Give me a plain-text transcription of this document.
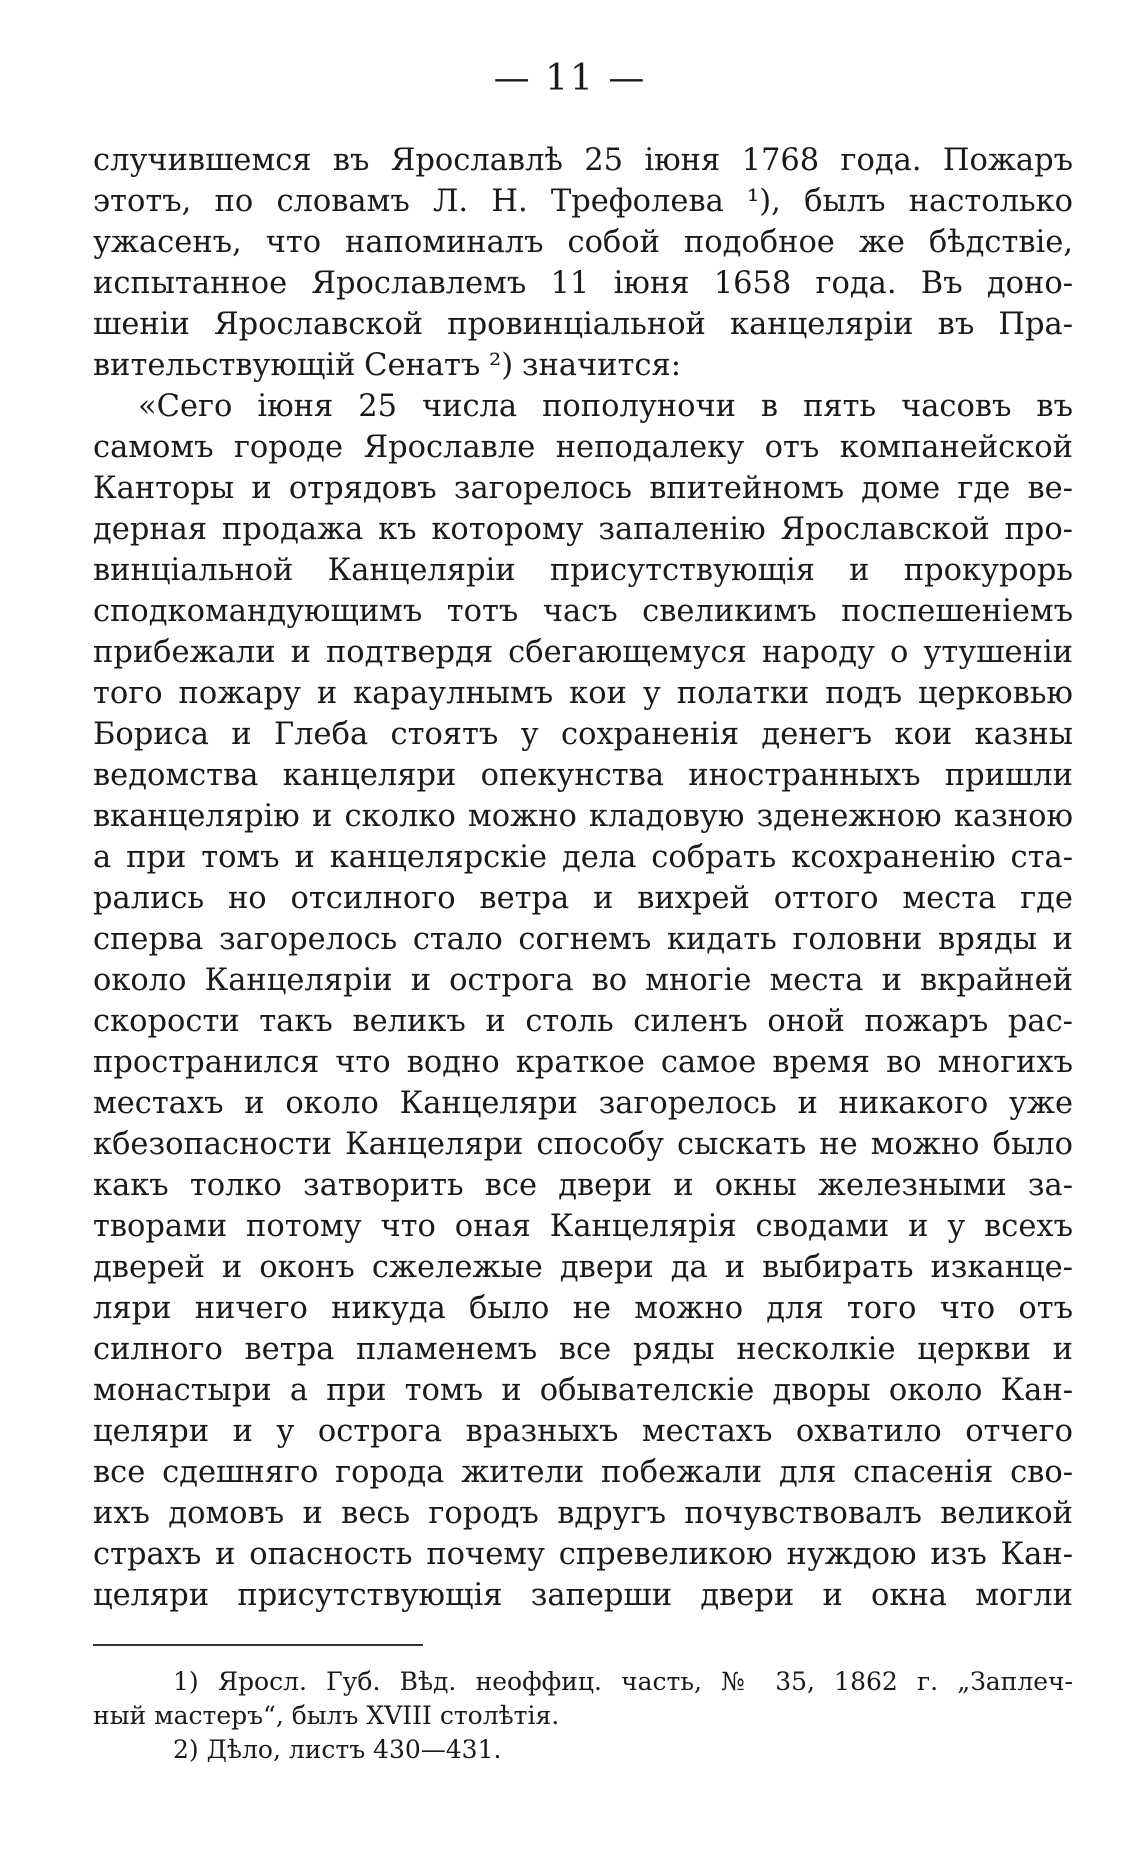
— 11 —
случившемся въ Ярославлѣ 25 іюня 1768 года. Пожаръ
этотъ, по словамъ Л. Н. Трефолева ¹), былъ настолько
ужасенъ, что напоминалъ собой подобное же бѣдствіе,
испытанное Ярославлемъ 11 іюня 1658 года. Въ доно-
шеніи Ярославской провинціальной канцеляріи въ Пра-
вительствующій Сенатъ ²) значится:
«Сего іюня 25 числа пополуночи в пять часовъ въ
самомъ городе Ярославле неподалеку отъ компанейской
Канторы и отрядовъ загорелось впитейномъ доме где ве-
дерная продажа къ которому запаленію Ярославской про-
винціальной Канцеляріи присутствующія и прокурорь
сподкомандующимъ тотъ часъ свеликимъ поспешеніемъ
прибежали и подтвердя сбегающемуся народу о утушеніи
того пожару и караулнымъ кои у полатки подъ церковью
Бориса и Глеба стоятъ у сохраненія денегъ кои казны
ведомства канцеляри опекунства иностранныхъ пришли
вканцелярію и сколко можно кладовую зденежною казною
а при томъ и канцелярскіе дела собрать ксохраненію ста-
рались но отсилного ветра и вихрей оттого места где
сперва загорелось стало согнемъ кидать головни вряды и
около Канцеляріи и острога во многіе места и вкрайней
скорости такъ великъ и столь силенъ оной пожаръ рас-
пространился что водно краткое самое время во многихъ
местахъ и около Канцеляри загорелось и никакого уже
кбезопасности Канцеляри способу сыскать не можно было
какъ толко затворить все двери и окны железными за-
творами потому что оная Канцелярія сводами и у всехъ
дверей и оконъ сжележые двери да и выбирать изканце-
ляри ничего никуда было не можно для того что отъ
силного ветра пламенемъ все ряды несколкіе церкви и
монастыри а при томъ и обывателскіе дворы около Кан-
целяри и у острога вразныхъ местахъ охватило отчего
все сдешняго города жители побежали для спасенія сво-
ихъ домовъ и весь городъ вдругъ почувствовалъ великой
страхъ и опасность почему спревеликою нуждою изъ Кан-
целяри присутствующія заперши двери и окна могли
1) Яросл. Губ. Вѣд. неоффиц. часть, № 35, 1862 г. „Заплеч-
ный мастеръ“, былъ XVIII столѣтія.
2) Дѣло, листъ 430—431.
